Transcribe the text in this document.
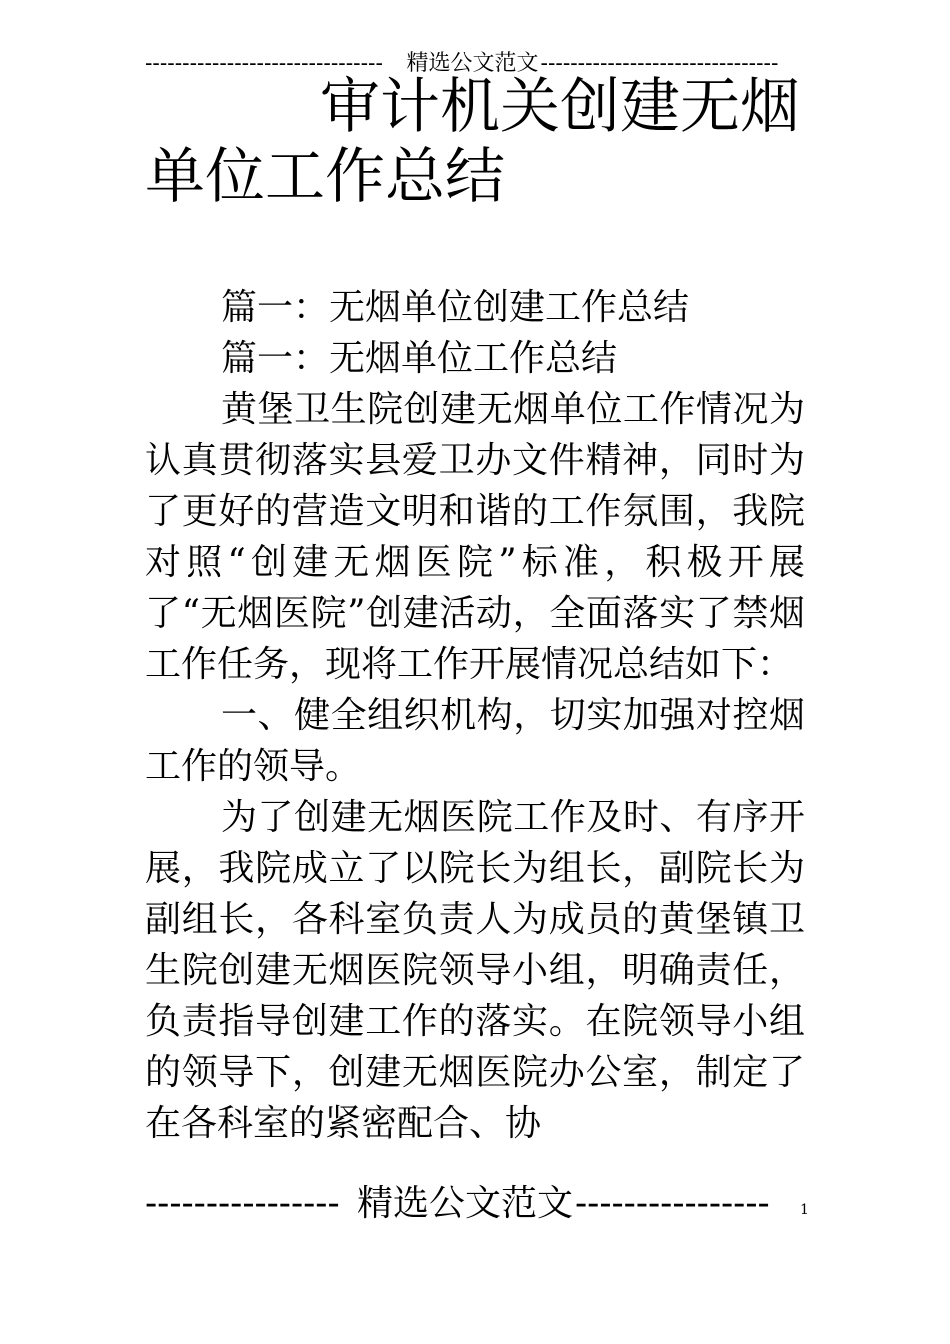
--------------------------------	精选公文范文 --------------------------------
审计机关创建无烟
单位工作总结

篇一：无烟单位创建工作总结

篇一：无烟单位工作总结

黄堡卫生院创建无烟单位工作情况为认真贯彻落实县爱卫办文件精神，同时为了更好的营造文明和谐的工作氛围，我院对照“创建无烟医院”标准，积极开展了“无烟医院”创建活动，全面落实了禁烟工作任务，现将工作开展情况总结如下：

一、健全组织机构，切实加强对控烟工作的领导。

为了创建无烟医院工作及时、有序开展，我院成立了以院长为组长，副院长为副组长，各科室负责人为成员的黄堡镇卫生院创建无烟医院领导小组，明确责任，负责指导创建工作的落实。在院领导小组的领导下，创建无烟医院办公室，制定了在各科室的紧密配合、协

---------------- 精选公文范文 ----------------	1
